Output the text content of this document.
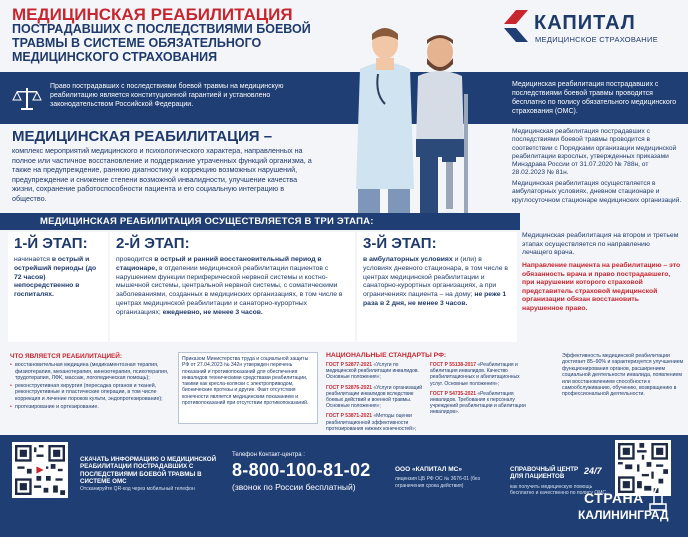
МЕДИЦИНСКАЯ РЕАБИЛИТАЦИЯ
ПОСТРАДАВШИХ С ПОСЛЕДСТВИЯМИ БОЕВОЙ ТРАВМЫ В СИСТЕМЕ ОБЯЗАТЕЛЬНОГО МЕДИЦИНСКОГО СТРАХОВАНИЯ
КАПИТАЛ
МЕДИЦИНСКОЕ СТРАХОВАНИЕ
Право пострадавших с последствиями боевой травмы на медицинскую реабилитацию является конституционной гарантией и установлено законодательством Российской Федерации.
Медицинская реабилитация пострадавших с последствиями боевой травмы проводится бесплатно по полису обязательного медицинского страхования (ОМС).
МЕДИЦИНСКАЯ РЕАБИЛИТАЦИЯ –
комплекс мероприятий медицинского и психологического характера, направленных на полное или частичное восстановление и поддержание утраченных функций организма, а также на предупреждение, раннюю диагностику и коррекцию возможных нарушений, предупреждение и снижение степени возможной инвалидности, улучшение качества жизни, сохранение работоспособности пациента и его социальную интеграцию в общество.
Медицинская реабилитация пострадавших с последствиями боевой травмы проводится в соответствии с Порядками организации медицинской реабилитации взрослых, утвержденных приказами Минздрава России от 31.07.2020 № 788н, от 28.02.2023 № 81н.
Медицинская реабилитация осуществляется в амбулаторных условиях, дневном стационаре и круглосуточном стационаре медицинских организаций.
МЕДИЦИНСКАЯ РЕАБИЛИТАЦИЯ ОСУЩЕСТВЛЯЕТСЯ В ТРИ ЭТАПА:
1-Й ЭТАП:
начинается в острый и острейший периоды (до 72 часов) непосредственно в госпиталях.
2-Й ЭТАП:
проводится в острый и ранний восстановительный период в стационаре, в отделении медицинской реабилитации пациентов с нарушением функции периферической нервной системы и костно-мышечной системы, центральной нервной системы, с соматическими заболеваниями, созданных в медицинских организациях, в том числе в центрах медицинской реабилитации и санаторно-курортных организациях; ежедневно, не менее 3 часов.
3-Й ЭТАП:
в амбулаторных условиях и (или) в условиях дневного стационара, в том числе в центрах медицинской реабилитации и санаторно-курортных организациях, а при ограничениях пациента – на дому; не реже 1 раза в 2 дня, не менее 3 часов.
Медицинская реабилитация на втором и третьем этапах осуществляется по направлению лечащего врача.
Направление пациента на реабилитацию – это обязанность врача и право пострадавшего, при нарушении которого страховой представитель страховой медицинской организации обязан восстановить нарушенное право.
ЧТО ЯВЛЯЕТСЯ РЕАБИЛИТАЦИЕЙ:
• восстановительная медицина (медикаментозная терапия, физиотерапия, механотерапия, кинезотерапия, психотерапия, трудотерапия, ЛФК, массаж, логопедическая помощь);
• реконструктивная хирургия (пересадка органов и тканей, реконструктивные и пластические операции, в том числе коррекция и лечение пороков культи, эндопротезирование);
• протезирование и ортезирование.
Приказом Министерства труда и социальной защиты РФ от 27.04.2023 № 342н утвержден перечень показаний и противопоказаний для обеспечения инвалидов техническими средствами реабилитации, такими как кресла-коляски с электроприводом, бионические протезы и другие. Факт отсутствия конечности является медицинским показанием и противопоказаний при отсутствии противопоказаний.
НАЦИОНАЛЬНЫЕ СТАНДАРТЫ РФ:

ГОСТ Р 52877-2021 «Услуги по медицинской реабилитации инвалидов. Основные положения»;

ГОСТ Р 52876-2021 «Услуги организаций реабилитации инвалидов вследствие боевых действий и военной травмы. Основные положения»;

ГОСТ Р 53871-2021 «Методы оценки реабилитационной эффективности протезирования нижних конечностей»;

ГОСТ Р 55138-2017 «Реабилитация и абилитация инвалидов. Качество реабилитационных и абилитационных услуг. Основные положения»;

ГОСТ Р 54735-2021 «Реабилитация инвалидов. Требования к персоналу учреждений реабилитации и абилитации инвалидов».

Эффективность медицинской реабилитации достигает 85–90% и характеризуется улучшением функционирования органов, расширением социальной деятельности инвалида, появлением или восстановлением способности к самообслуживанию, обучению, возвращению в профессиональной деятельности.
СКАЧАТЬ ИНФОРМАЦИЮ О МЕДИЦИНСКОЙ РЕАБИЛИТАЦИИ ПОСТРАДАВШИХ С ПОСЛЕДСТВИЯМИ БОЕВОЙ ТРАВМЫ В СИСТЕМЕ ОМС
Отсканируйте QR-код через мобильный телефон
Телефон Контакт-центра :
8-800-100-81-02
(звонок по России бесплатный)
ООО «КАПИТАЛ МС»
лицензия ЦБ РФ ОС № 3676-01 (без ограничения срока действия)
СПРАВОЧНЫЙ ЦЕНТР ДЛЯ ПАЦИЕНТОВ
как получить медицинскую помощь бесплатно и качественно по полису ОМС
24/7
СТРАНА
КАЛИНИНГРАД
